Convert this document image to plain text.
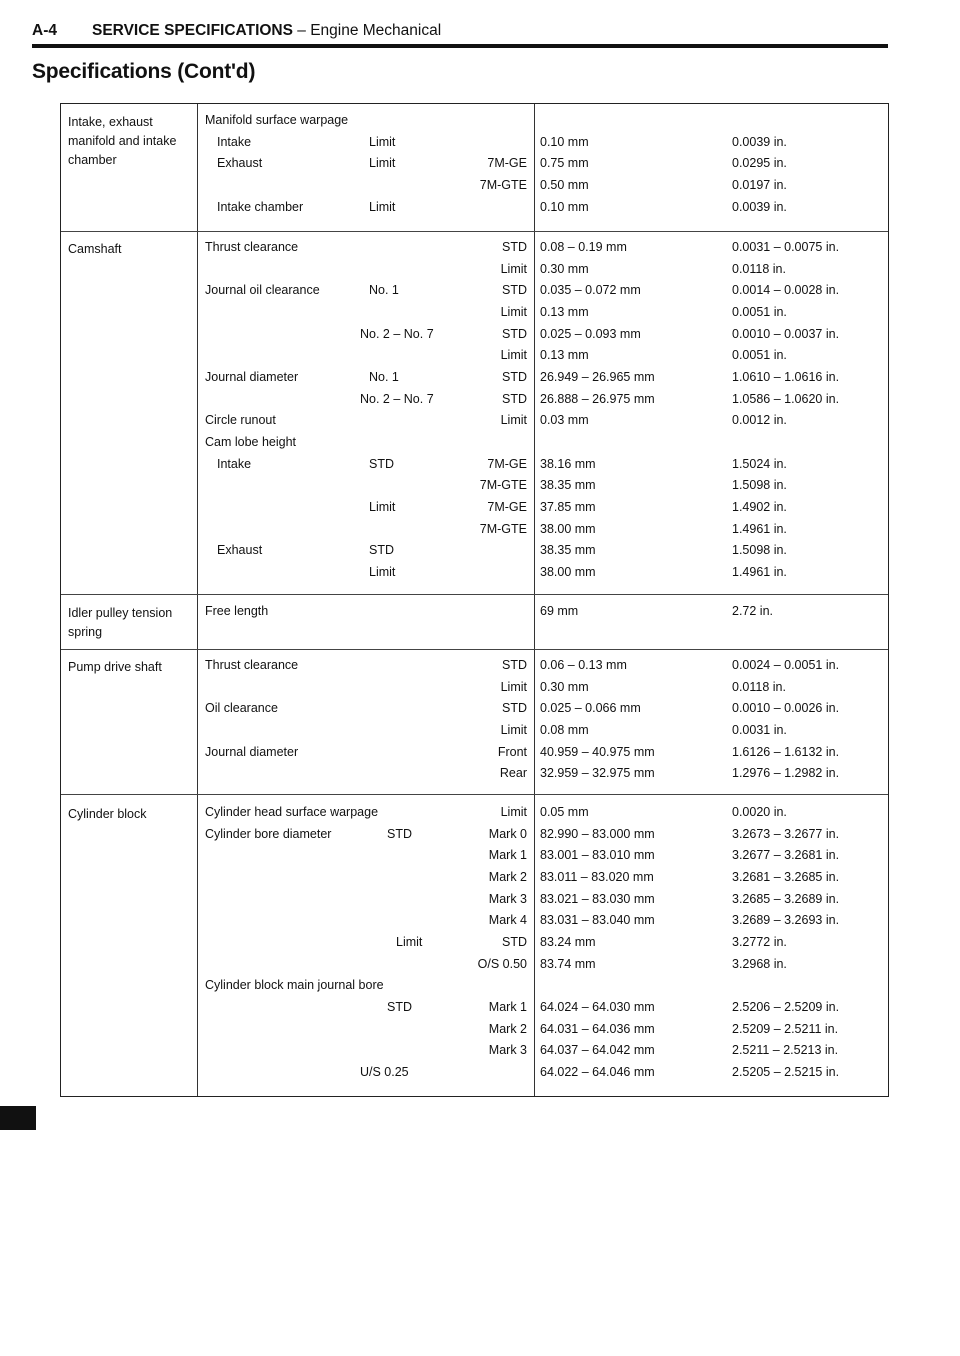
A-4 SERVICE SPECIFICATIONS – Engine Mechanical
Specifications (Cont'd)
Intake, exhaust manifold and intake chamber
Manifold surface warpage
Intake	Limit	0.10 mm	0.0039 in.
Exhaust	Limit	7M-GE 0.75 mm	0.0295 in.
7M-GTE 0.50 mm	0.0197 in.
Intake chamber	Limit	0.10 mm	0.0039 in.
Camshaft	Thrust clearance	STD 0.08 – 0.19 mm	0.0031 – 0.0075 in.
Limit 0.30 mm	0.0118 in.
Journal oil clearance	No. 1	STD 0.035 – 0.072 mm	0.0014 – 0.0028 in.
Limit 0.13 mm	0.0051 in.
No. 2 – No. 7	STD 0.025 – 0.093 mm	0.0010 – 0.0037 in.
Limit 0.13 mm	0.0051 in.
Journal diameter	No. 1	STD 26.949 – 26.965 mm	1.0610 – 1.0616 in.
No. 2 – No. 7	STD 26.888 – 26.975 mm	1.0586 – 1.0620 in.
Circle runout	Limit 0.03 mm	0.0012 in.
Cam lobe height
Intake	STD	7M-GE 38.16 mm	1.5024 in.
7M-GTE 38.35 mm	1.5098 in.
Limit	7M-GE 37.85 mm	1.4902 in.
7M-GTE 38.00 mm	1.4961 in.
Exhaust	STD	38.35 mm	1.5098 in.
Limit	38.00 mm	1.4961 in.
Idler pulley tension spring
Free length	69 mm	2.72 in.
Pump drive shaft	Thrust clearance	STD 0.06 – 0.13 mm	0.0024 – 0.0051 in.
Limit 0.30 mm	0.0118 in.
Oil clearance	STD 0.025 – 0.066 mm	0.0010 – 0.0026 in.
Limit 0.08 mm	0.0031 in.
Journal diameter	Front 40.959 – 40.975 mm	1.6126 – 1.6132 in.
Rear 32.959 – 32.975 mm	1.2976 – 1.2982 in.
Cylinder block	Cylinder head surface warpage	Limit 0.05 mm	0.0020 in.
Cylinder bore diameter	STD	Mark 0 82.990 – 83.000 mm	3.2673 – 3.2677 in.
Mark 1 83.001 – 83.010 mm	3.2677 – 3.2681 in.
Mark 2 83.011 – 83.020 mm	3.2681 – 3.2685 in.
Mark 3 83.021 – 83.030 mm	3.2685 – 3.2689 in.
Mark 4 83.031 – 83.040 mm	3.2689 – 3.2693 in.
Limit	STD 83.24 mm	3.2772 in.
O/S 0.50 83.74 mm	3.2968 in.
Cylinder block main journal bore
STD	Mark 1 64.024 – 64.030 mm	2.5206 – 2.5209 in.
Mark 2 64.031 – 64.036 mm	2.5209 – 2.5211 in.
Mark 3 64.037 – 64.042 mm	2.5211 – 2.5213 in.
U/S 0.25	64.022 – 64.046 mm	2.5205 – 2.5215 in.
